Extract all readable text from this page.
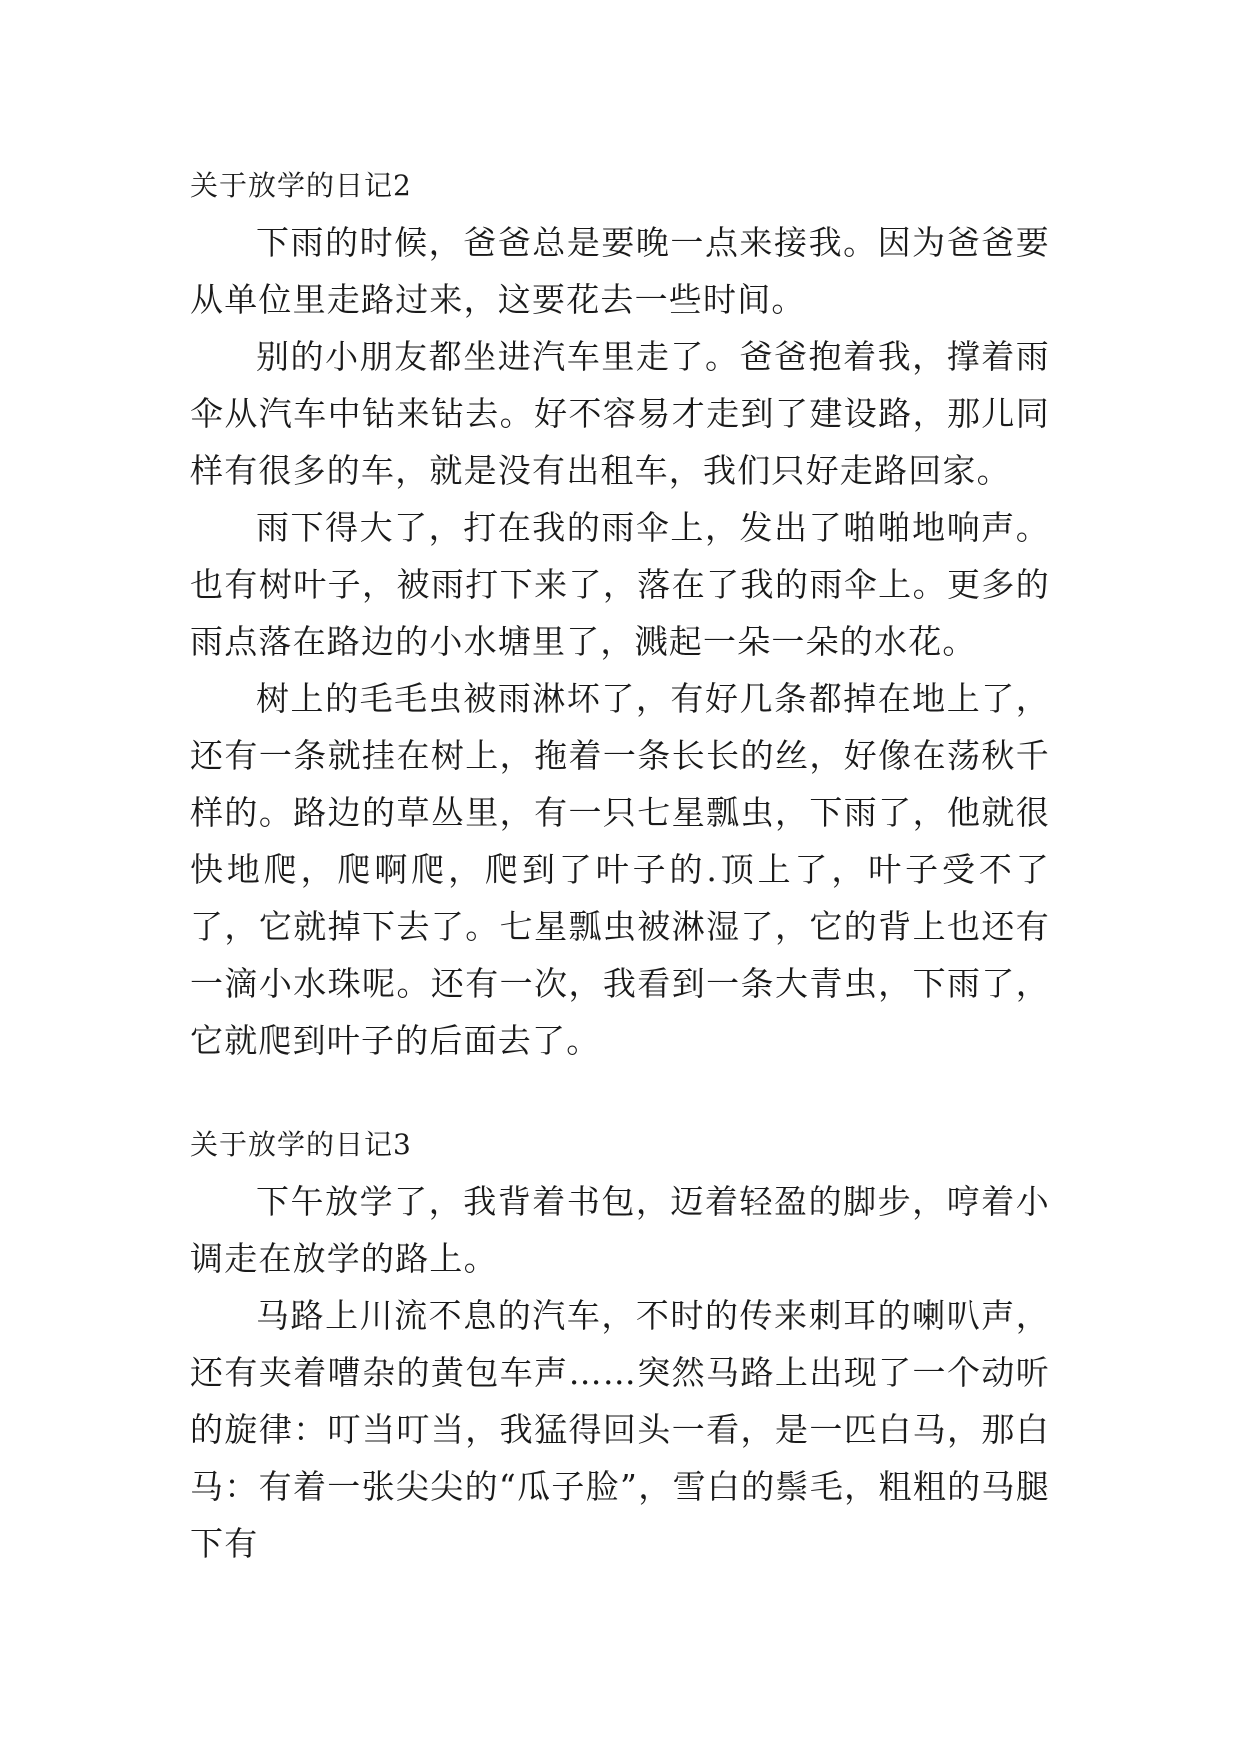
关于放学的日记2

下雨的时候，爸爸总是要晚一点来接我。因为爸爸要从单位里走路过来，这要花去一些时间。

别的小朋友都坐进汽车里走了。爸爸抱着我，撑着雨伞从汽车中钻来钻去。好不容易才走到了建设路，那儿同样有很多的车，就是没有出租车，我们只好走路回家。

雨下得大了，打在我的雨伞上，发出了啪啪地响声。也有树叶子，被雨打下来了，落在了我的雨伞上。更多的雨点落在路边的小水塘里了，溅起一朵一朵的水花。

树上的毛毛虫被雨淋坏了，有好几条都掉在地上了，还有一条就挂在树上，拖着一条长长的丝，好像在荡秋千样的。路边的草丛里，有一只七星瓢虫，下雨了，他就很快地爬，爬啊爬，爬到了叶子的.顶上了，叶子受不了了，它就掉下去了。七星瓢虫被淋湿了，它的背上也还有一滴小水珠呢。还有一次，我看到一条大青虫，下雨了，它就爬到叶子的后面去了。

关于放学的日记3

下午放学了，我背着书包，迈着轻盈的脚步，哼着小调走在放学的路上。

马路上川流不息的汽车，不时的传来刺耳的喇叭声，还有夹着嘈杂的黄包车声……突然马路上出现了一个动听的旋律：叮当叮当，我猛得回头一看，是一匹白马，那白马：有着一张尖尖的“瓜子脸”，雪白的鬃毛，粗粗的马腿下有
